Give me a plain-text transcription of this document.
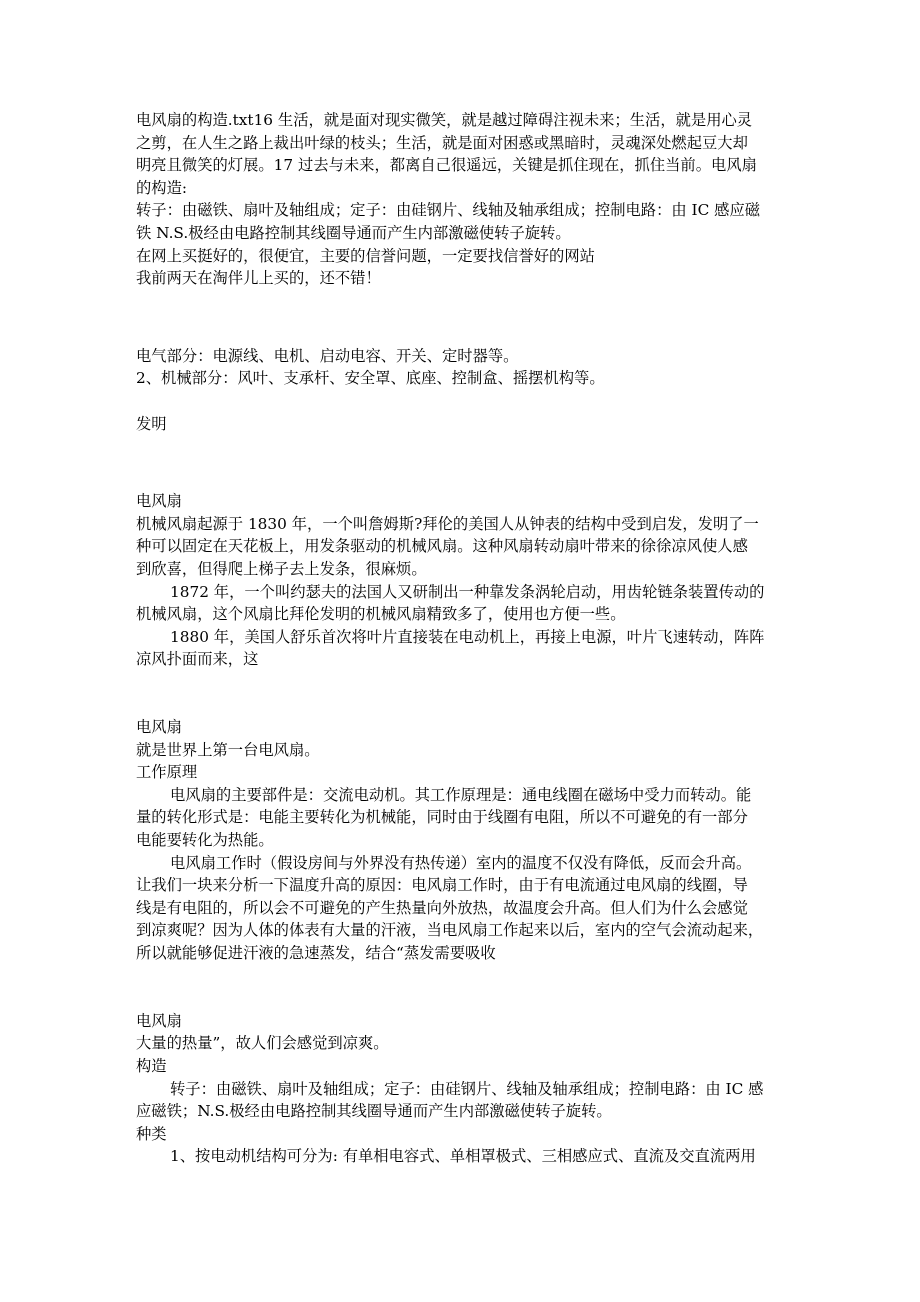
电风扇的构造.txt16 生活，就是面对现实微笑，就是越过障碍注视未来；生活，就是用心灵
之剪，在人生之路上裁出叶绿的枝头；生活，就是面对困惑或黑暗时，灵魂深处燃起豆大却
明亮且微笑的灯展。17 过去与未来，都离自己很遥远，关键是抓住现在，抓住当前。电风扇
的构造:
转子：由磁铁、扇叶及轴组成；定子：由硅钢片、线轴及轴承组成；控制电路：由 IC 感应磁
铁 N.S.极经由电路控制其线圈导通而产生内部激磁使转子旋转。
在网上买挺好的，很便宜，主要的信誉问题，一定要找信誉好的网站
我前两天在淘伴儿上买的，还不错！
电气部分：电源线、电机、启动电容、开关、定时器等。
2、机械部分：风叶、支承杆、安全罩、底座、控制盒、摇摆机构等。
发明
电风扇
机械风扇起源于 1830 年，一个叫詹姆斯?拜伦的美国人从钟表的结构中受到启发，发明了一
种可以固定在天花板上，用发条驱动的机械风扇。这种风扇转动扇叶带来的徐徐凉风使人感
到欣喜，但得爬上梯子去上发条，很麻烦。
1872 年，一个叫约瑟夫的法国人又研制出一种靠发条涡轮启动，用齿轮链条装置传动的
机械风扇，这个风扇比拜伦发明的机械风扇精致多了，使用也方便一些。
1880 年，美国人舒乐首次将叶片直接装在电动机上，再接上电源，叶片飞速转动，阵阵
凉风扑面而来，这
电风扇
就是世界上第一台电风扇。
工作原理
电风扇的主要部件是：交流电动机。其工作原理是：通电线圈在磁场中受力而转动。能
量的转化形式是：电能主要转化为机械能，同时由于线圈有电阻，所以不可避免的有一部分
电能要转化为热能。
电风扇工作时（假设房间与外界没有热传递）室内的温度不仅没有降低，反而会升高。
让我们一块来分析一下温度升高的原因：电风扇工作时，由于有电流通过电风扇的线圈，导
线是有电阻的，所以会不可避免的产生热量向外放热，故温度会升高。但人们为什么会感觉
到凉爽呢？因为人体的体表有大量的汗液，当电风扇工作起来以后，室内的空气会流动起来，
所以就能够促进汗液的急速蒸发，结合“蒸发需要吸收
电风扇
大量的热量”，故人们会感觉到凉爽。
构造
转子：由磁铁、扇叶及轴组成；定子：由硅钢片、线轴及轴承组成；控制电路：由 IC 感
应磁铁；N.S.极经由电路控制其线圈导通而产生内部激磁使转子旋转。
种类
1、按电动机结构可分为: 有单相电容式、单相罩极式、三相感应式、直流及交直流两用
